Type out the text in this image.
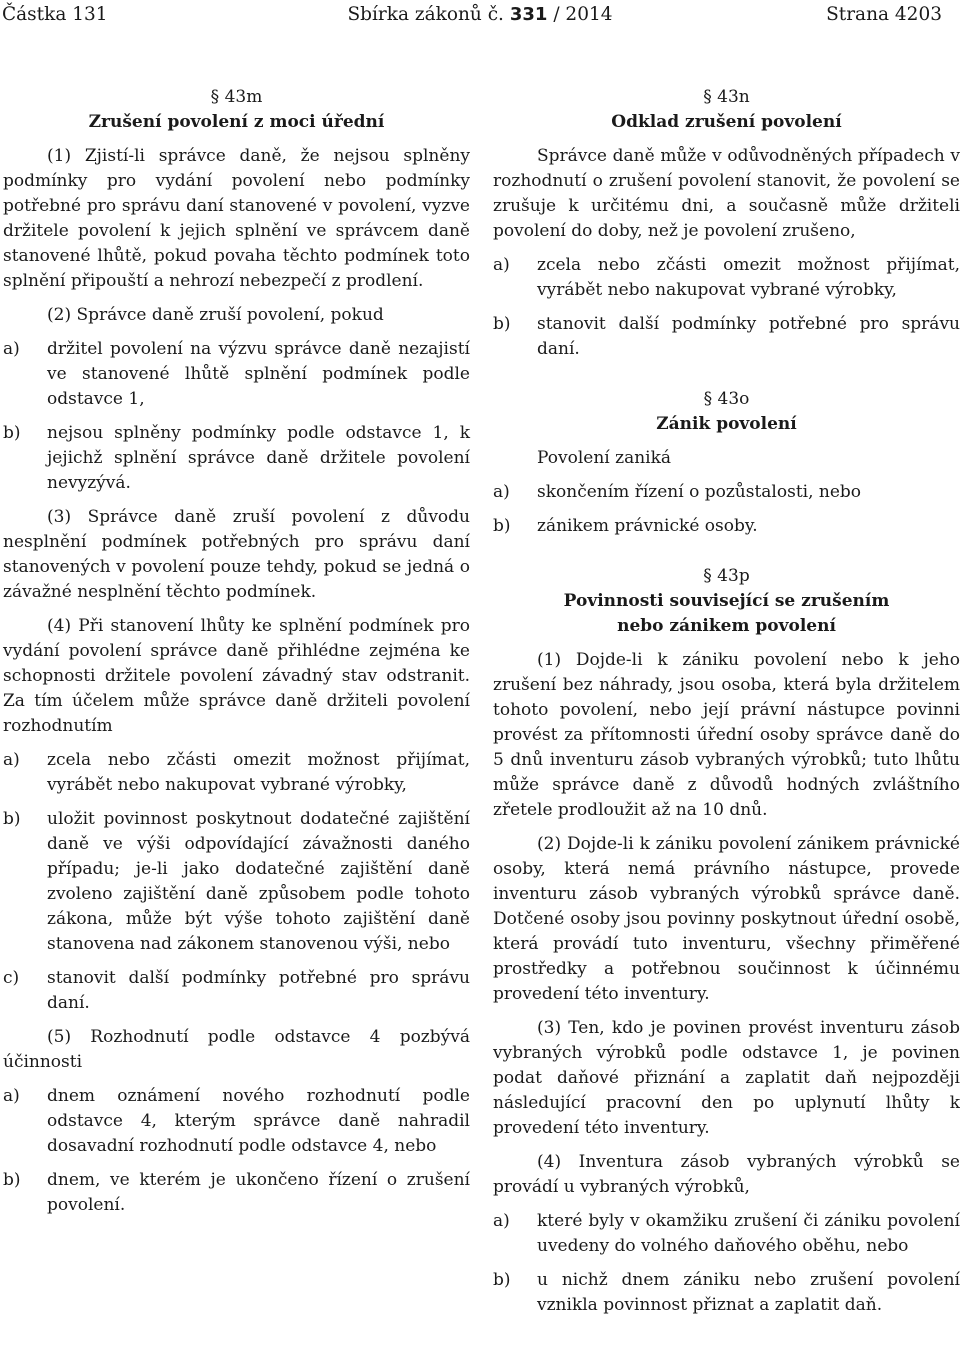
Částka 131	Sbírka zákonů č. 331 / 2014	Strana 4203
§ 43m
Zrušení povolení z moci úřední

(1) Zjistí-li správce daně, že nejsou splněny podmínky pro vydání povolení nebo podmínky potřebné pro správu daní stanovené v povolení, vyzve držitele povolení k jejich splnění ve správcem daně stanovené lhůtě, pokud povaha těchto podmínek toto splnění připouští a nehrozí nebezpečí z prodlení.

(2) Správce daně zruší povolení, pokud

a)	držitel povolení na výzvu správce daně nezajistí ve stanovené lhůtě splnění podmínek podle odstavce 1,
b)	nejsou splněny podmínky podle odstavce 1, k jejichž splnění správce daně držitele povolení nevyzývá.

(3) Správce daně zruší povolení z důvodu nesplnění podmínek potřebných pro správu daní stanovených v povolení pouze tehdy, pokud se jedná o závažné nesplnění těchto podmínek.

(4) Při stanovení lhůty ke splnění podmínek pro vydání povolení správce daně přihlédne zejména ke schopnosti držitele povolení závadný stav odstranit. Za tím účelem může správce daně držiteli povolení rozhodnutím

a)	zcela nebo zčásti omezit možnost přijímat, vyrábět nebo nakupovat vybrané výrobky,
b)	uložit povinnost poskytnout dodatečné zajištění daně ve výši odpovídající závažnosti daného případu; je-li jako dodatečné zajištění daně zvoleno zajištění daně způsobem podle tohoto zákona, může být výše tohoto zajištění daně stanovena nad zákonem stanovenou výši, nebo
c)	stanovit další podmínky potřebné pro správu daní.

(5) Rozhodnutí podle odstavce 4 pozbývá účinnosti

a)	dnem oznámení nového rozhodnutí podle odstavce 4, kterým správce daně nahradil dosavadní rozhodnutí podle odstavce 4, nebo
b)	dnem, ve kterém je ukončeno řízení o zrušení povolení.
§ 43n
Odklad zrušení povolení

Správce daně může v odůvodněných případech v rozhodnutí o zrušení povolení stanovit, že povolení se zrušuje k určitému dni, a současně může držiteli povolení do doby, než je povolení zrušeno,

a)	zcela nebo zčásti omezit možnost přijímat, vyrábět nebo nakupovat vybrané výrobky,
b)	stanovit další podmínky potřebné pro správu daní.
§ 43o
Zánik povolení

Povolení zaniká

a)	skončením řízení o pozůstalosti, nebo
b)	zánikem právnické osoby.
§ 43p
Povinnosti související se zrušením
nebo zánikem povolení

(1) Dojde-li k zániku povolení nebo k jeho zrušení bez náhrady, jsou osoba, která byla držitelem tohoto povolení, nebo její právní nástupce povinni provést za přítomnosti úřední osoby správce daně do 5 dnů inventuru zásob vybraných výrobků; tuto lhůtu může správce daně z důvodů hodných zvláštního zřetele prodloužit až na 10 dnů.

(2) Dojde-li k zániku povolení zánikem právnické osoby, která nemá právního nástupce, provede inventuru zásob vybraných výrobků správce daně. Dotčené osoby jsou povinny poskytnout úřední osobě, která provádí tuto inventuru, všechny přiměřené prostředky a potřebnou součinnost k účinnému provedení této inventury.

(3) Ten, kdo je povinen provést inventuru zásob vybraných výrobků podle odstavce 1, je povinen podat daňové přiznání a zaplatit daň nejpozději následující pracovní den po uplynutí lhůty k provedení této inventury.

(4) Inventura zásob vybraných výrobků se provádí u vybraných výrobků,

a)	které byly v okamžiku zrušení či zániku povolení uvedeny do volného daňového oběhu, nebo
b)	u nichž dnem zániku nebo zrušení povolení vznikla povinnost přiznat a zaplatit daň.
